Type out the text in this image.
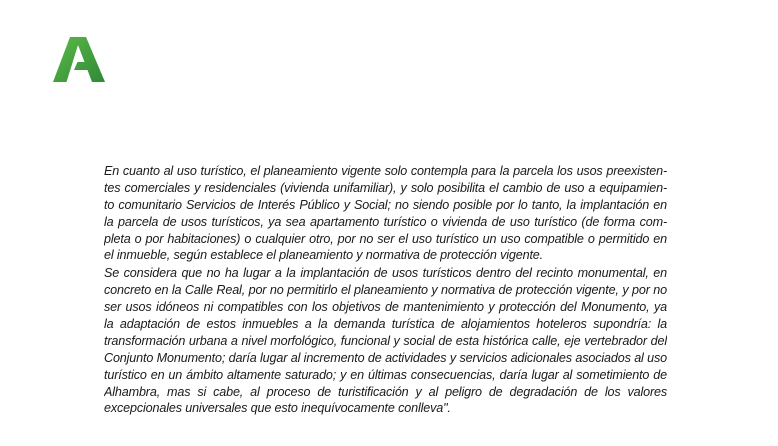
En cuanto al uso turístico, el planeamiento vigente solo contempla para la parcela los usos preexisten-
tes comerciales y residenciales (vivienda unifamiliar), y solo posibilita el cambio de uso a equipamien-
to comunitario Servicios de Interés Público y Social; no siendo posible por lo tanto, la implantación en
la parcela de usos turísticos, ya sea apartamento turístico o vivienda de uso turístico (de forma com-
pleta o por habitaciones) o cualquier otro, por no ser el uso turístico un uso compatible o permitido en
el inmueble, según establece el planeamiento y normativa de protección vigente.
Se considera que no ha lugar a la implantación de usos turísticos dentro del recinto monumental, en
concreto en la Calle Real, por no permitirlo el planeamiento y normativa de protección vigente, y por no
ser usos idóneos ni compatibles con los objetivos de mantenimiento y protección del Monumento, ya
la adaptación de estos inmuebles a la demanda turística de alojamientos hoteleros supondría: la
transformación urbana a nivel morfológico, funcional y social de esta histórica calle, eje vertebrador del
Conjunto Monumento; daría lugar al incremento de actividades y servicios adicionales asociados al uso
turístico en un ámbito altamente saturado; y en últimas consecuencias, daría lugar al sometimiento de
Alhambra, mas si cabe, al proceso de turistificación y al peligro de degradación de los valores
excepcionales universales que esto inequívocamente conlleva".
